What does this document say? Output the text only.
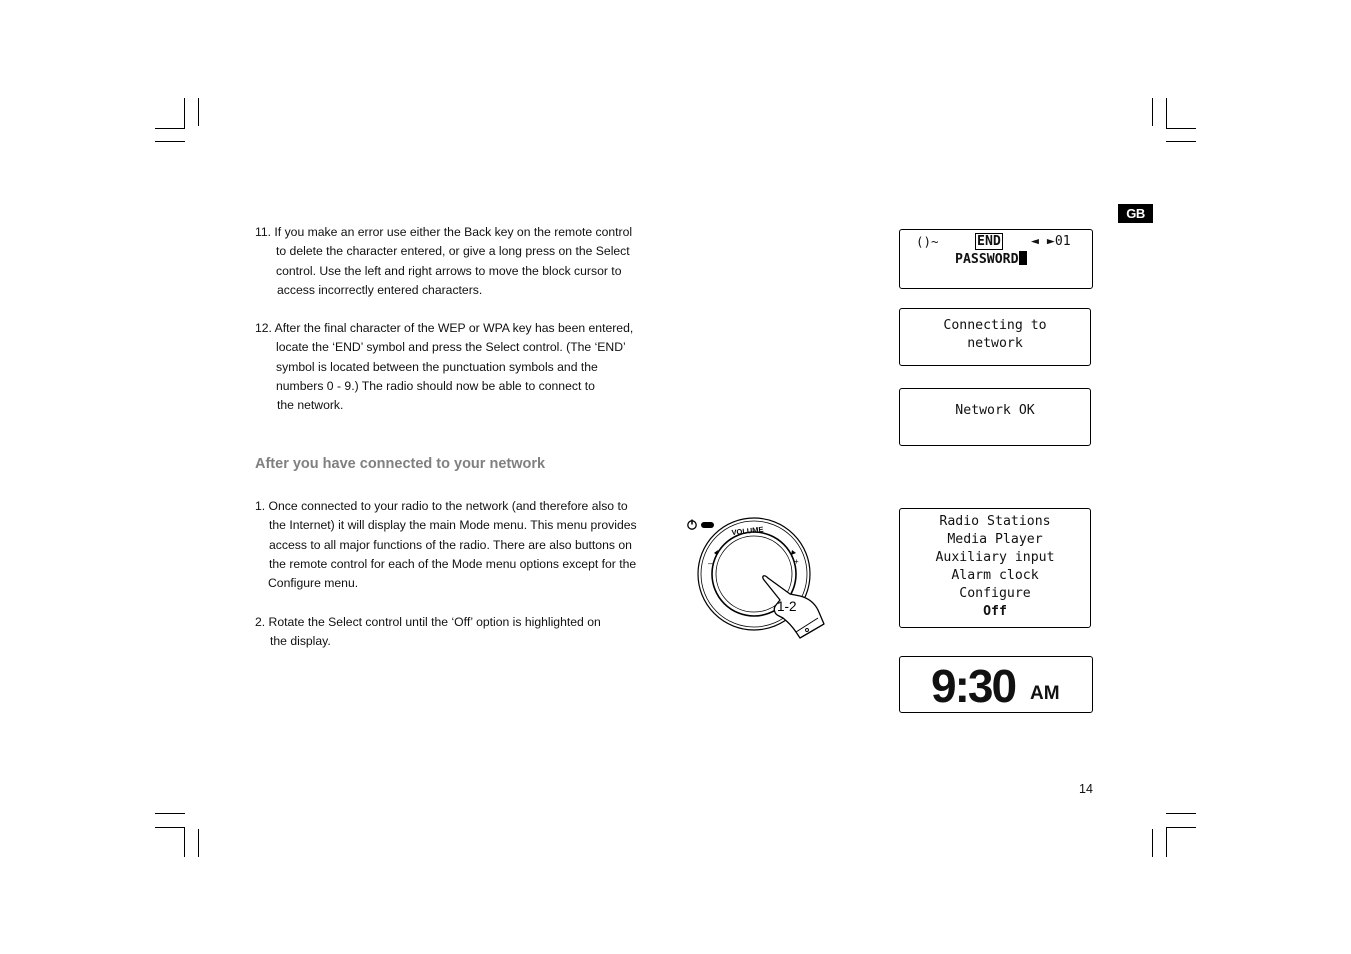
GB
11. If you make an error use either the Back key on the remote control
to delete the character entered, or give a long press on the Select
control. Use the left and right arrows to move the block cursor to
access incorrectly entered characters.
12. After the final character of the WEP or WPA key has been entered,
locate the ‘END’ symbol and press the Select control. (The ‘END’
symbol is located between the punctuation symbols and the
numbers 0 - 9.) The radio should now be able to connect to
the network.
After you have connected to your network
1. Once connected to your radio to the network (and therefore also to
the Internet) it will display the main Mode menu. This menu provides
access to all major functions of the radio. There are also buttons on
the remote control for each of the Mode menu options except for the
Configure menu.
2. Rotate the Select control until the ‘Off’ option is highlighted on
the display.
VOLUME
–	+
1-2
()~	END ◄ ►01
PASSWORD
Connecting to
network
Network OK
Radio Stations
Media Player
Auxiliary input
Alarm clock
Configure
Off
9:30 AM
14
